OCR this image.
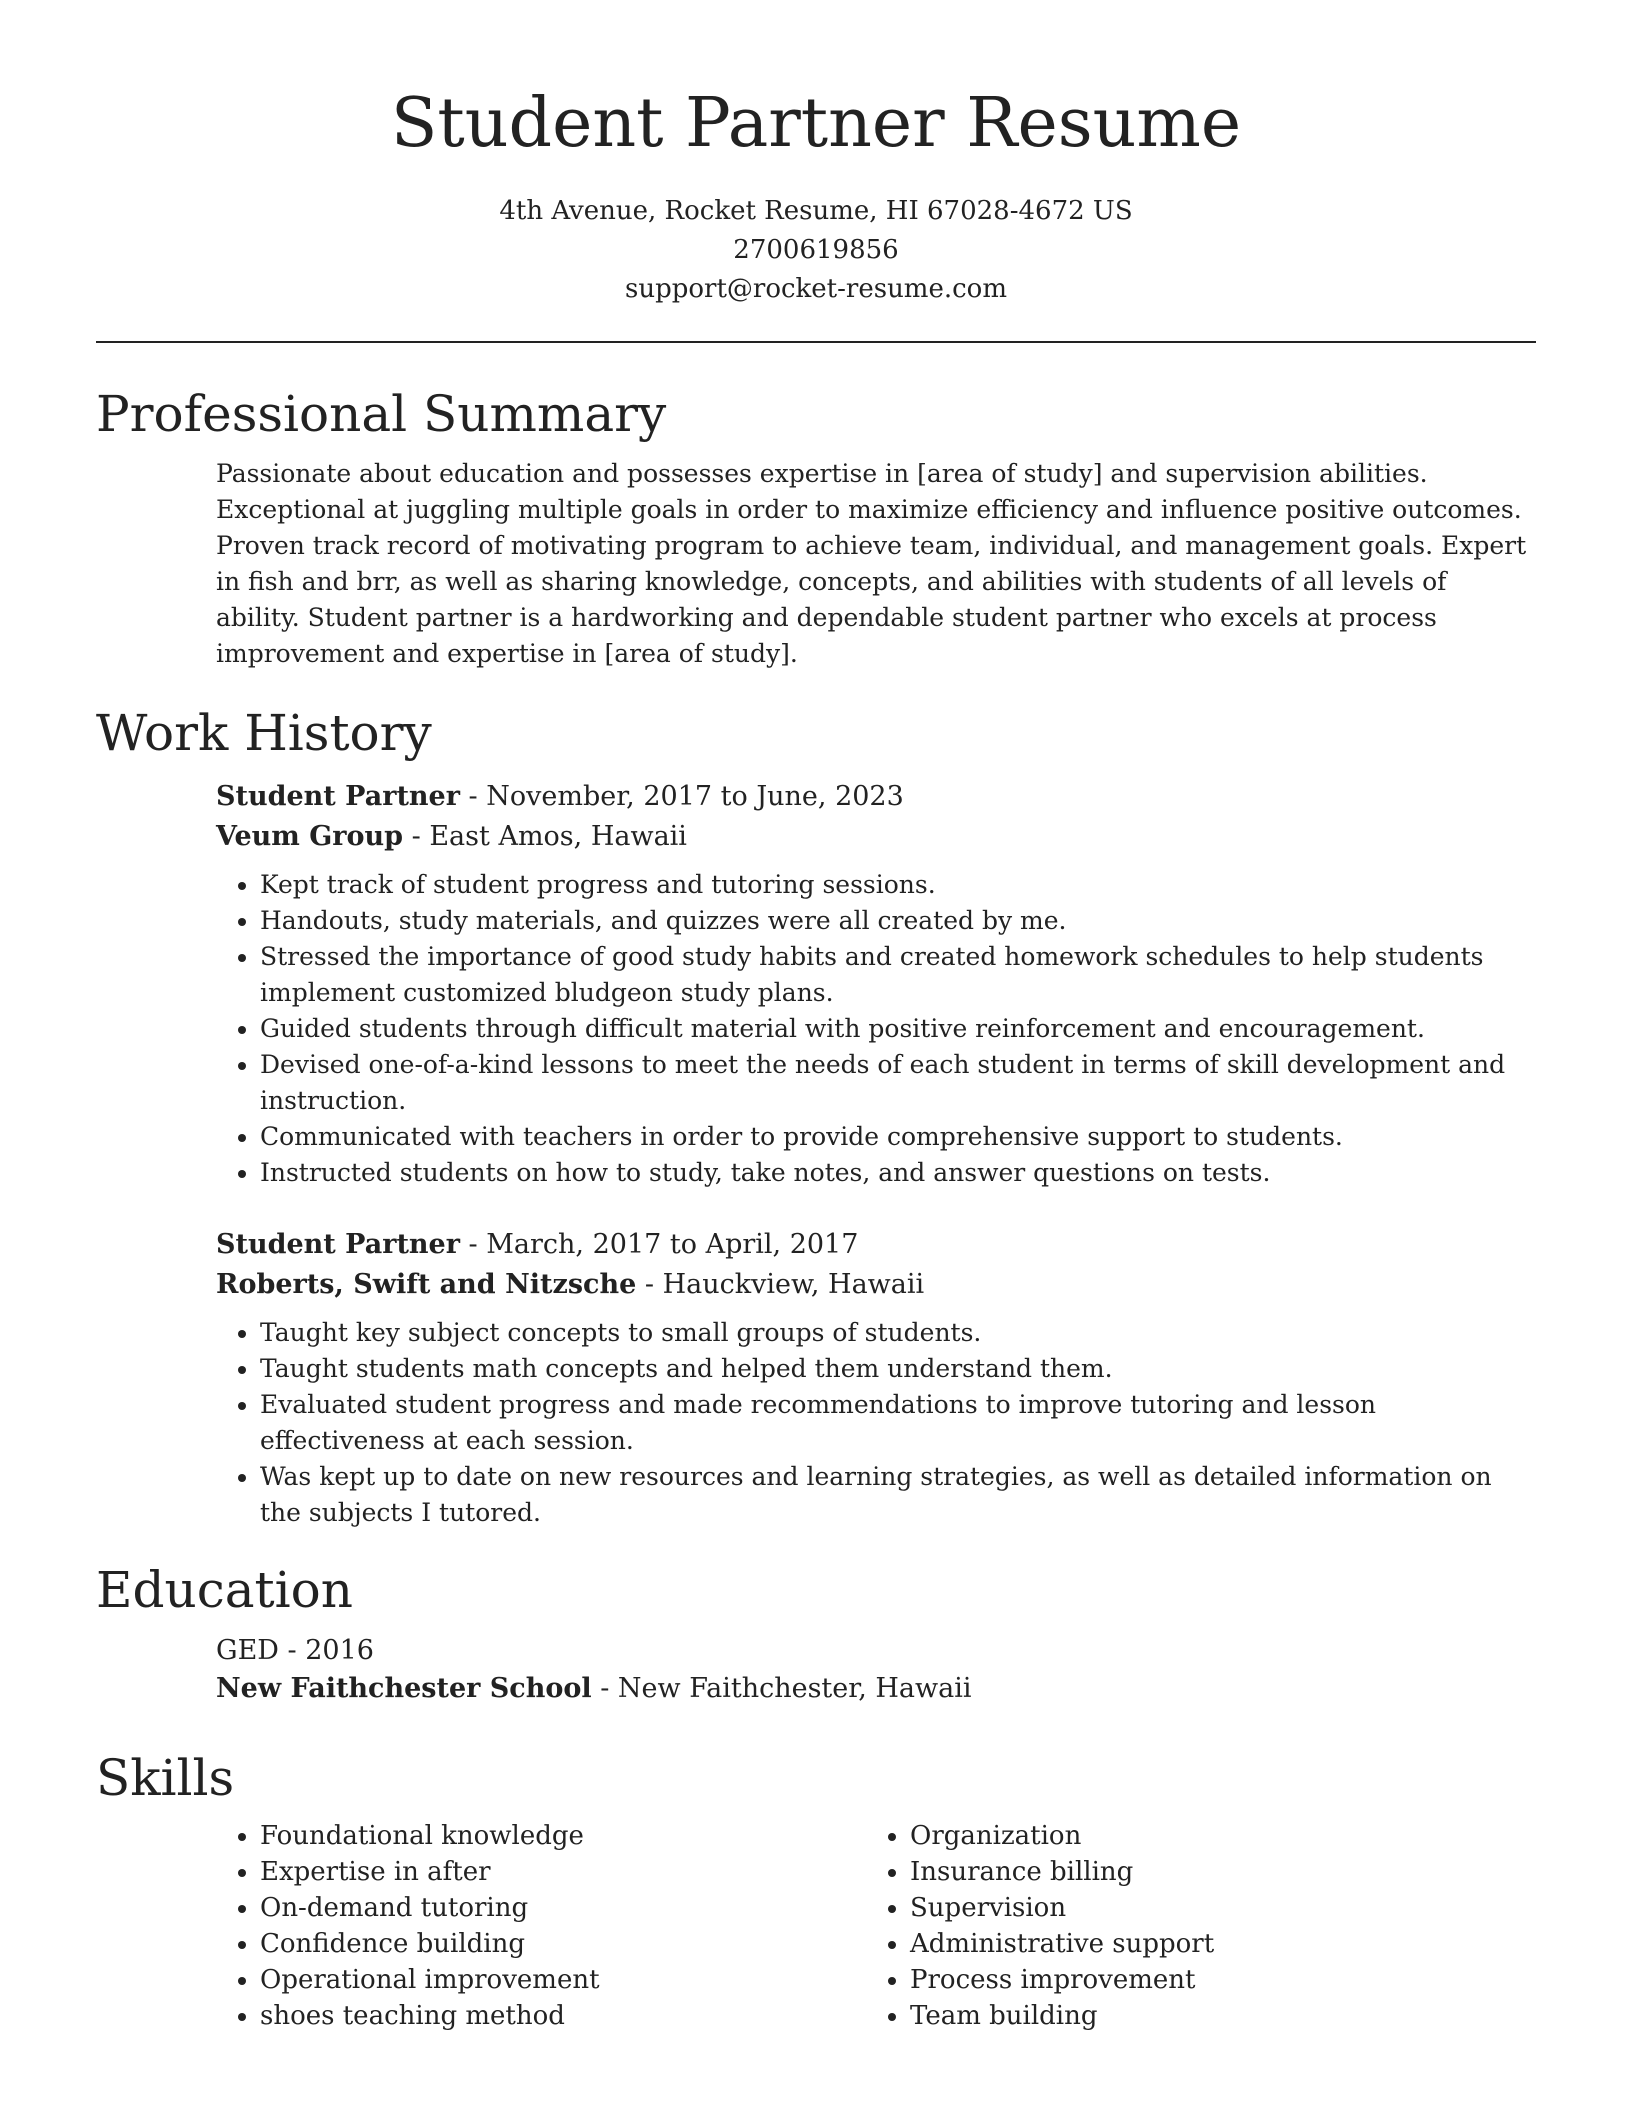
Student Partner Resume
4th Avenue, Rocket Resume, HI 67028-4672 US
2700619856
support@rocket-resume.com
Professional Summary

Passionate about education and possesses expertise in [area of study] and supervision abilities. Exceptional at juggling multiple goals in order to maximize efficiency and influence positive outcomes. Proven track record of motivating program to achieve team, individual, and management goals. Expert in fish and brr, as well as sharing knowledge, concepts, and abilities with students of all levels of ability. Student partner is a hardworking and dependable student partner who excels at process improvement and expertise in [area of study].

Work History
Student Partner - November, 2017 to June, 2023
Veum Group - East Amos, Hawaii
• Kept track of student progress and tutoring sessions.
• Handouts, study materials, and quizzes were all created by me.
• Stressed the importance of good study habits and created homework schedules to help students implement customized bludgeon study plans.
• Guided students through difficult material with positive reinforcement and encouragement.
• Devised one-of-a-kind lessons to meet the needs of each student in terms of skill development and instruction.
• Communicated with teachers in order to provide comprehensive support to students.
• Instructed students on how to study, take notes, and answer questions on tests.
Student Partner - March, 2017 to April, 2017
Roberts, Swift and Nitzsche - Hauckview, Hawaii
• Taught key subject concepts to small groups of students.
• Taught students math concepts and helped them understand them.
• Evaluated student progress and made recommendations to improve tutoring and lesson effectiveness at each session.
• Was kept up to date on new resources and learning strategies, as well as detailed information on the subjects I tutored.
Education
GED - 2016
New Faithchester School - New Faithchester, Hawaii
Skills
• Foundational knowledge
• Expertise in after
• On-demand tutoring
• Confidence building
• Operational improvement
• shoes teaching method
• Organization
• Insurance billing
• Supervision
• Administrative support
• Process improvement
• Team building
